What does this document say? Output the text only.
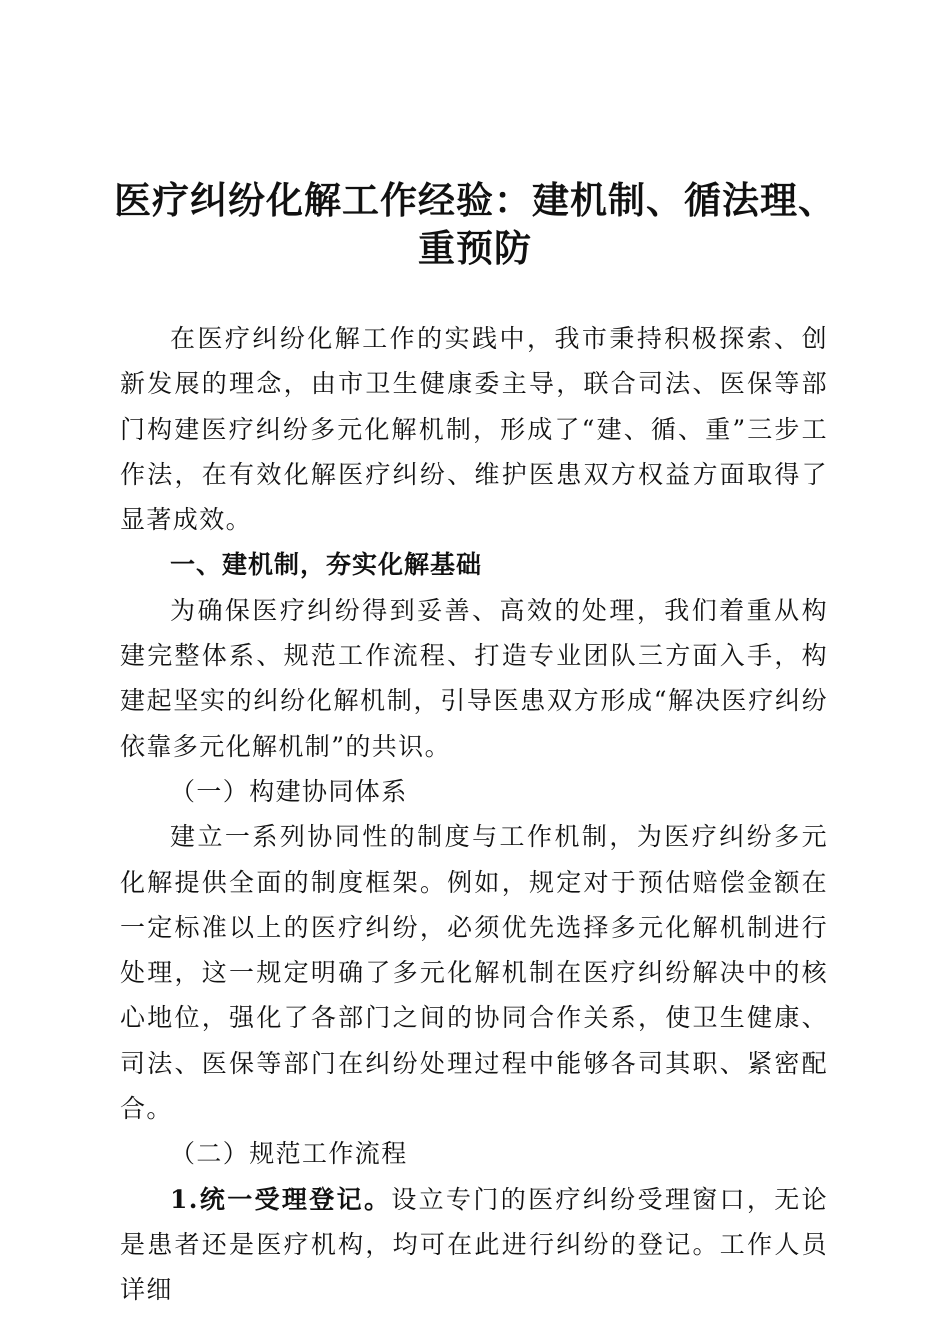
医疗纠纷化解工作经验：建机制、循法理、重预防

在医疗纠纷化解工作的实践中，我市秉持积极探索、创新发展的理念，由市卫生健康委主导，联合司法、医保等部门构建医疗纠纷多元化解机制，形成了“建、循、重”三步工作法，在有效化解医疗纠纷、维护医患双方权益方面取得了显著成效。

一、建机制，夯实化解基础

为确保医疗纠纷得到妥善、高效的处理，我们着重从构建完整体系、规范工作流程、打造专业团队三方面入手，构建起坚实的纠纷化解机制，引导医患双方形成“解决医疗纠纷依靠多元化解机制”的共识。

（一）构建协同体系

建立一系列协同性的制度与工作机制，为医疗纠纷多元化解提供全面的制度框架。例如，规定对于预估赔偿金额在一定标准以上的医疗纠纷，必须优先选择多元化解机制进行处理，这一规定明确了多元化解机制在医疗纠纷解决中的核心地位，强化了各部门之间的协同合作关系，使卫生健康、司法、医保等部门在纠纷处理过程中能够各司其职、紧密配合。

（二）规范工作流程

1.统一受理登记。设立专门的医疗纠纷受理窗口，无论是患者还是医疗机构，均可在此进行纠纷的登记。工作人员详细
